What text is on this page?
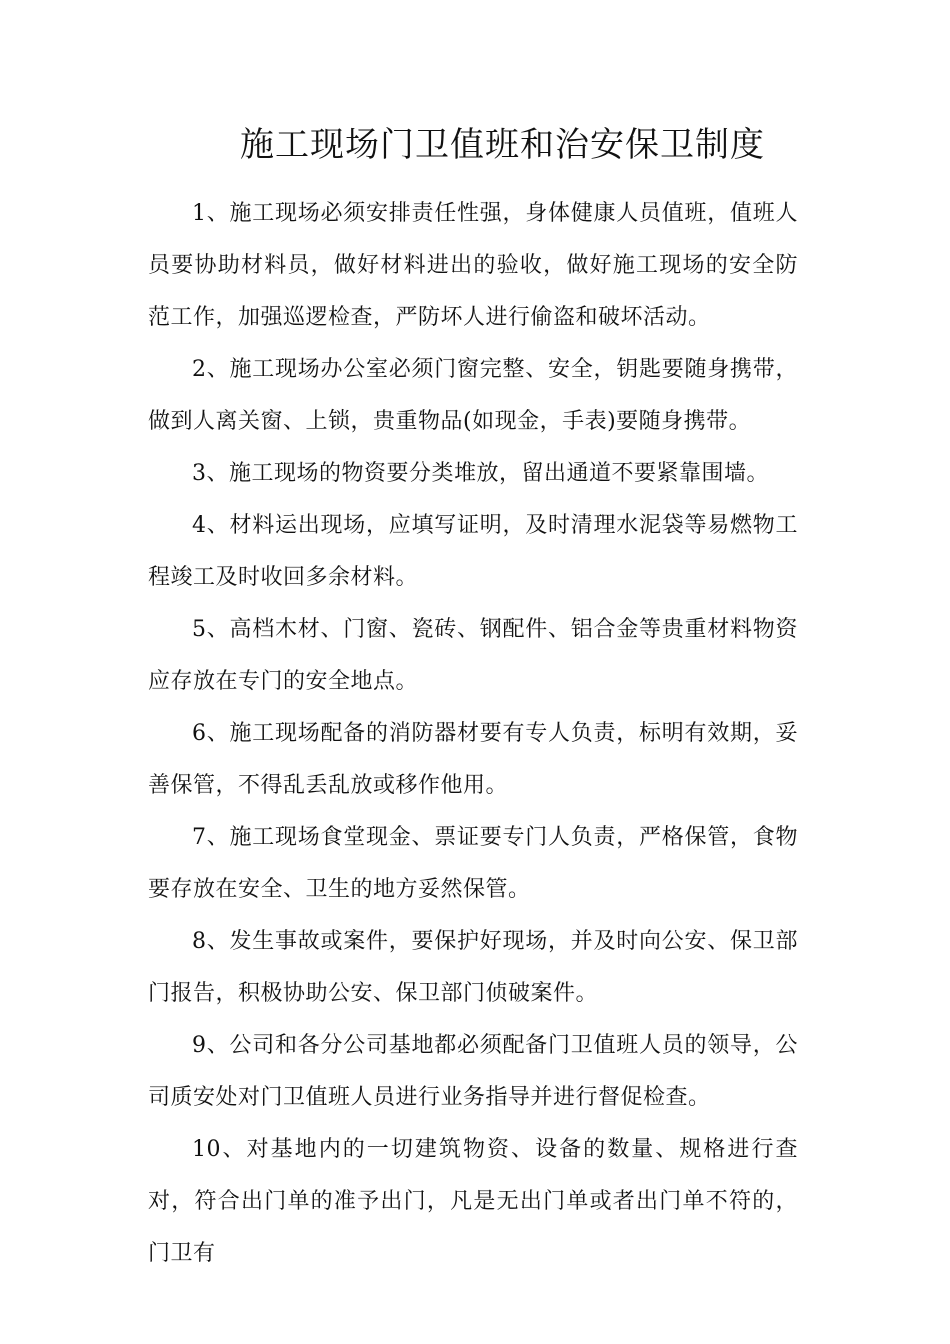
施工现场门卫值班和治安保卫制度

1、施工现场必须安排责任性强，身体健康人员值班，值班人员要协助材料员，做好材料进出的验收，做好施工现场的安全防范工作，加强巡逻检查，严防坏人进行偷盗和破坏活动。

2、施工现场办公室必须门窗完整、安全，钥匙要随身携带，做到人离关窗、上锁，贵重物品(如现金，手表)要随身携带。

3、施工现场的物资要分类堆放，留出通道不要紧靠围墙。

4、材料运出现场，应填写证明，及时清理水泥袋等易燃物工程竣工及时收回多余材料。

5、高档木材、门窗、瓷砖、钢配件、铝合金等贵重材料物资应存放在专门的安全地点。

6、施工现场配备的消防器材要有专人负责，标明有效期，妥善保管，不得乱丢乱放或移作他用。

7、施工现场食堂现金、票证要专门人负责，严格保管，食物要存放在安全、卫生的地方妥然保管。

8、发生事故或案件，要保护好现场，并及时向公安、保卫部门报告，积极协助公安、保卫部门侦破案件。

9、公司和各分公司基地都必须配备门卫值班人员的领导，公司质安处对门卫值班人员进行业务指导并进行督促检查。

10、对基地内的一切建筑物资、设备的数量、规格进行查对，符合出门单的准予出门，凡是无出门单或者出门单不符的，门卫有
